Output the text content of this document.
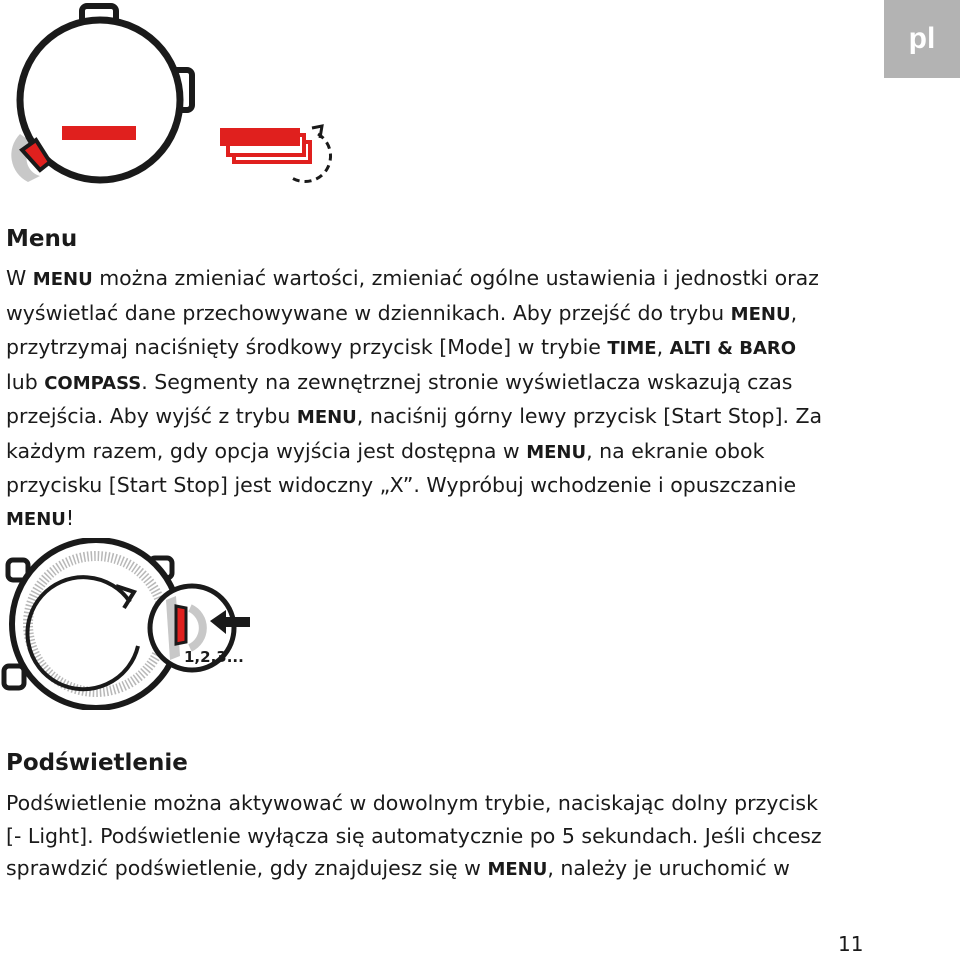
pl
Menu
W MENU można zmieniać wartości, zmieniać ogólne ustawienia i jednostki oraz
wyświetlać dane przechowywane w dziennikach. Aby przejść do trybu MENU,
przytrzymaj naciśnięty środkowy przycisk [Mode] w trybie TIME, ALTI & BARO
lub COMPASS. Segmenty na zewnętrznej stronie wyświetlacza wskazują czas
przejścia. Aby wyjść z trybu MENU, naciśnij górny lewy przycisk [Start Stop]. Za
każdym razem, gdy opcja wyjścia jest dostępna w MENU, na ekranie obok
przycisku [Start Stop] jest widoczny „X”. Wypróbuj wchodzenie i opuszczanie
MENU!
1,2,3...
Podświetlenie
Podświetlenie można aktywować w dowolnym trybie, naciskając dolny przycisk
[- Light]. Podświetlenie wyłącza się automatycznie po 5 sekundach. Jeśli chcesz
sprawdzić podświetlenie, gdy znajdujesz się w MENU, należy je uruchomić w
11
